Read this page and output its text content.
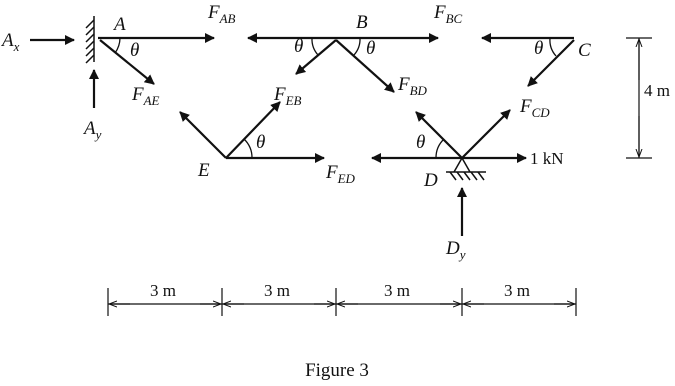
θ	θ	θ	θ
θ	θ
A	B
C
E	D
$A_x$
$A_y$
$F_{AB}$	$F_{BC}$
$F_{AE}$	$F_{EB}$
$F_{BD}$
$F_{CD}$
$F_{ED}$
$D_y$
1 kN
4 m
3 m	3 m	3 m	3 m
Figure 3
